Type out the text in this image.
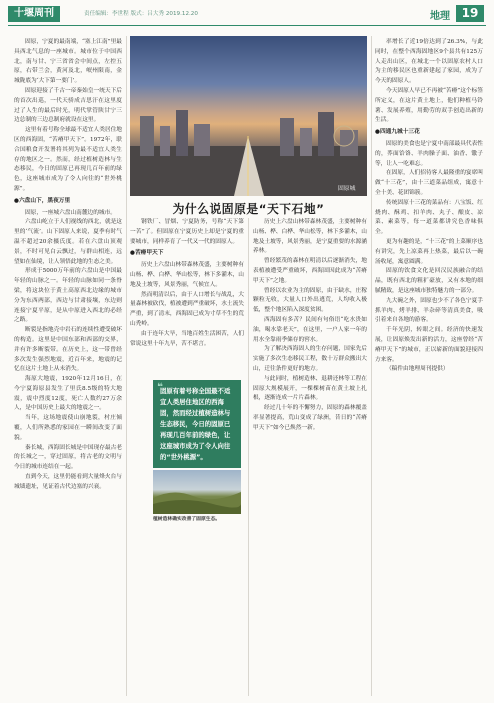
十堰周刊	责任编辑：李世程 版式：吕大秀 2019.12.20	地理 19

固原，宁夏的最南端，“塞上江南”里最具西北气息的一座城市。城市位于中国西北，南与甘、宁三省省会中间点，左控五原，右带兰会，黄河及北，岷州限南，金城陇底为‘大下第一要门’。

固原迎接了千古一帝秦始皇一统天下后的首次出巡，一代天骄成吉思汗在这里度过了人生的最后时光，明代掌管陕甘宁三边总制的三边总制府就设在这里。

这里有着号称全球最不适宜人类居住地区的西海固，“苦瘠甲天下”。1972年，联合国粮食开发署将其列为最不适宜人类生存的地区之一。然而，经过植树造林与生态移民，今日的固原已再现几百年前的绿色，这座城市成为了令人向往的“世外桃源”。

●六盘山下，黑夜万里

固原，一座城六盘山南麓边的城市。

六盘山屹立于人们视线的西北，就是这里的‘气流’。山下固原人来说，夏季有时气温不超过20余摄氏度。若在六盘山顶观景，不时可见白云飘过，与群山相连，远望如在仙境，让人领悟此地的生态之美。

形成于5000万年前的六盘山是中国最年轻的山脉之一。年轻的山脉如同一条脊梁，将这块位于黄土高原西北边缘的城市分为东西两部，西边与甘肃接壤，东边则连接宁夏平原，是从中原进入西北的必经之路。

断裂是指地壳中岩石的连续性遭受破坏的构造。这里是中国东部和西部的交界，并有许多断裂带。在历史上，这一带曾经多次发生强烈地震，近百年来，地震的记忆在这片土地上从未消失。

海原大地震，1920年12月16日，在今宁夏海原县发生了里氏8.5级的特大地震，震中烈度12度，死亡人数约27万余人，是中国历史上最大的地震之一。

当年，这场地震使山崩地裂，村庄倾覆，人们所熟悉的家园在一瞬间改变了面貌。

秦长城，西海固长城是中国现存最古老的长城之一，穿过固原，将古老的文明与今日的城市连结在一起。

直到今天，这里仍能看到大量烽火台与城墙遗址，见证着古代边塞的兴衰。

固原城
为什么说固原是“天下石地”

钢铁厂、冒烟、宁夏防务，号称“天下第一苦”了。但固原在宁夏历史上却是宁夏的重要城市，同样养育了一代又一代的固原人。

●苦瘠甲天下

历史上六盘山林带森林茂盛，主要树种有山杨、桦、白桦、华山松等，林下多灌木，山地及土坡等，风景秀丽，气候宜人。

然而明清以后，由于人口增长与战乱，大量森林被砍伐，植被遭到严重破坏，水土流失严重，到了清末，西海固已成为寸草不生的荒山秃岭。

由于连年大旱，当地百姓生活困苦，人们常说这里十年九旱，苦不堪言。

❝
固原有着号称全国最不适宜人类居住地区的西海固，然而经过植树造林与生态移民，今日的固原已再现几百年前的绿色，让这座城市成为了令人向往的“世外桃源”。
植树造林确实改善了固原生态。

历史上六盘山林带森林茂盛，主要树种有山杨、桦、白桦、华山松等，林下多灌木，山地及土坡等，风景秀丽，是宁夏重要的水源涵养林。

曾经繁茂的森林在明清以后逐渐消失，地表植被遭受严重破坏，西海固因此成为“苦瘠甲天下”之地。

曾经以农业为主的固原，由于缺水，庄稼颗粒无收，大量人口外出逃荒，人均收入极低，整个地区陷入深度贫困。

西海固有多苦？民间有句俗语“吃水贵如油，喝水靠老天”，在这里，一户人家一年的用水全靠雨季储存的窖水。

为了解决西海固人的生存问题，国家先后实施了多次生态移民工程，数十万群众搬出大山，迁往条件更好的地方。

与此同时，植树造林、退耕还林等工程在固原大规模展开，一棵棵树苗在黄土坡上扎根，逐渐连成一片片森林。

经过几十年的不懈努力，固原的森林覆盖率显著提高，荒山变成了绿洲，昔日的“苦瘠甲天下”如今已焕然一新。

率增长了近19倍达到了26.3%，与此同时，在整个西海固地区9个县共有125万人走出山区，在城北一个以固原农村人口为主的移民区也重新建起了家园，成为了今天的固原人。

今天固原人早已不再被“苦瘠”这个标签所定义，在这片黄土地上，他们种植马铃薯、发展养殖，用勤劳的双手创造出新的生活。

●四通九城十三花

固原的美食也是宁夏中南部最具代表性的，荞面饸饹、羊肉臊子面、油香、馓子等，让人一吃难忘。

在固原，人们招待客人最隆重的宴席叫做“十三花”，由十三道菜品组成，寓意十全十美、花团锦簇。

传统固原十三花的菜品有：八宝饭、红烧肉、酥鸡、扣羊肉、丸子、酿皮、凉菜、素菜等，每一道菜都讲究色香味俱全。

更为有趣的是，“十三花”的上菜顺序也有讲究，先上凉菜再上热菜，最后以一碗汤收尾，寓意圆满。

固原的饮食文化是回汉民族融合的结晶，既有西北的粗犷豪放，又有本地的细腻精致，是这座城市独特魅力的一部分。

九大碗之外，固原也少不了各色宁夏手抓羊肉、烤羊排、羊杂碎等清真美食，吸引着来自各地的游客。

千年光阴，转眼之间。经济的快速发展，让固原焕发出新的活力，这座曾经“苦瘠甲天下”的城市，正以崭新的面貌迎接四方来客。

（稿件由地理周刊提供）
